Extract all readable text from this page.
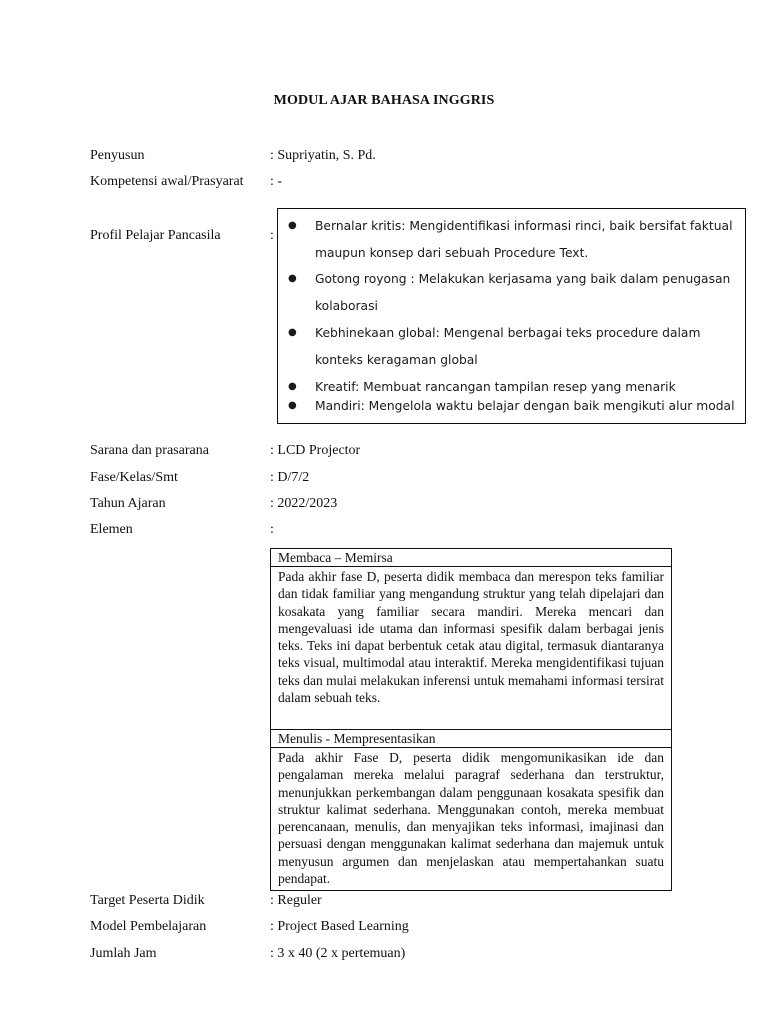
MODUL AJAR BAHASA INGGRIS
Penyusun	: Supriyatin, S. Pd.
Kompetensi awal/Prasyarat : -
Profil Pelajar Pancasila	:
● Bernalar kritis: Mengidentifikasi informasi rinci, baik bersifat faktual maupun konsep dari sebuah Procedure Text.
● Gotong royong : Melakukan kerjasama yang baik dalam penugasan kolaborasi
● Kebhinekaan global: Mengenal berbagai teks procedure dalam konteks keragaman global
● Kreatif: Membuat rancangan tampilan resep yang menarik
● Mandiri: Mengelola waktu belajar dengan baik mengikuti alur modal
Sarana dan prasarana	: LCD Projector
Fase/Kelas/Smt	: D/7/2
Tahun Ajaran	: 2022/2023
Elemen	:
Membaca – Memirsa
Pada akhir fase D, peserta didik membaca dan merespon teks familiar dan tidak familiar yang mengandung struktur yang telah dipelajari dan kosakata yang familiar secara mandiri. Mereka mencari dan mengevaluasi ide utama dan informasi spesifik dalam berbagai jenis teks. Teks ini dapat berbentuk cetak atau digital, termasuk diantaranya teks visual, multimodal atau interaktif. Mereka mengidentifikasi tujuan teks dan mulai melakukan inferensi untuk memahami informasi tersirat dalam sebuah teks.
Menulis - Mempresentasikan
Pada akhir Fase D, peserta didik mengomunikasikan ide dan pengalaman mereka melalui paragraf sederhana dan terstruktur, menunjukkan perkembangan dalam penggunaan kosakata spesifik dan struktur kalimat sederhana. Menggunakan contoh, mereka membuat perencanaan, menulis, dan menyajikan teks informasi, imajinasi dan persuasi dengan menggunakan kalimat sederhana dan majemuk untuk menyusun argumen dan menjelaskan atau mempertahankan suatu pendapat.
Target Peserta Didik	: Reguler
Model Pembelajaran	: Project Based Learning
Jumlah Jam	: 3 x 40 (2 x pertemuan)
